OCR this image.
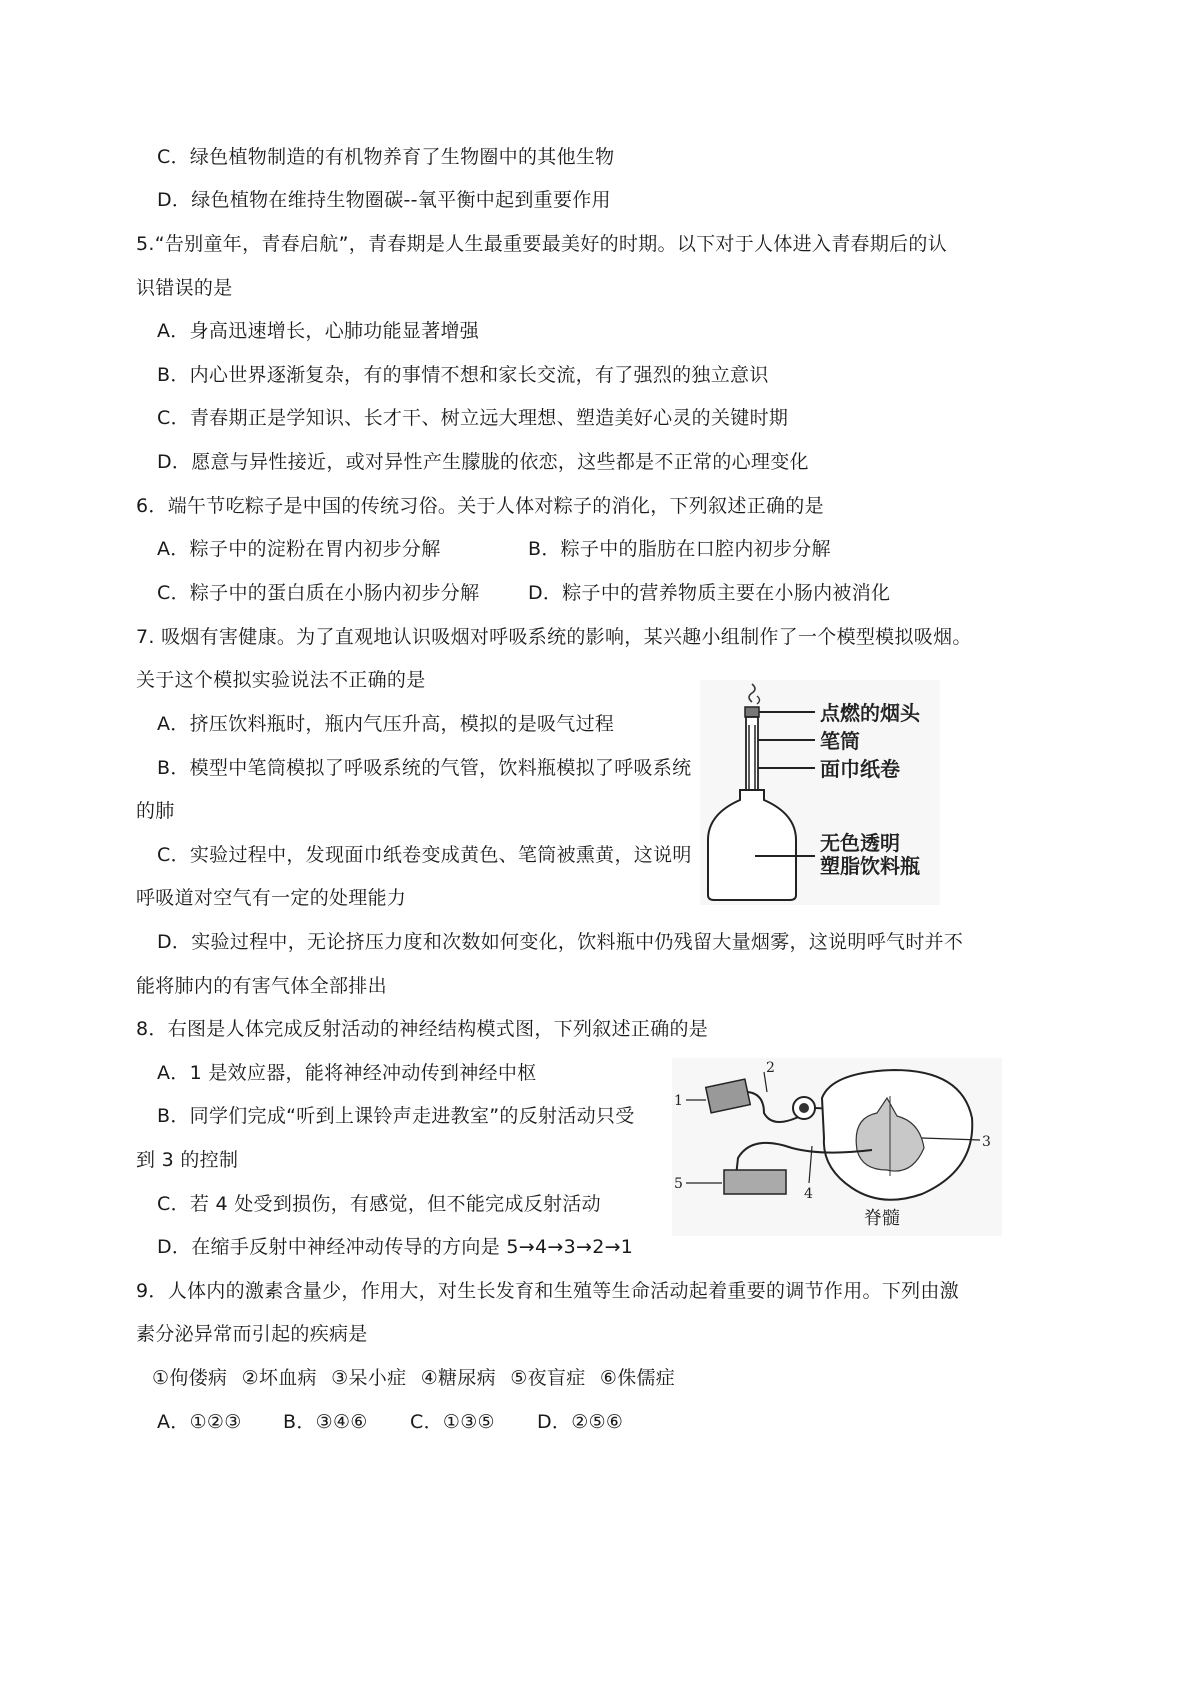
C．绿色植物制造的有机物养育了生物圈中的其他生物
D．绿色植物在维持生物圈碳--氧平衡中起到重要作用
5.“告别童年，青春启航”，青春期是人生最重要最美好的时期。以下对于人体进入青春期后的认
识错误的是
A．身高迅速增长，心肺功能显著增强
B．内心世界逐渐复杂，有的事情不想和家长交流，有了强烈的独立意识
C．青春期正是学知识、长才干、树立远大理想、塑造美好心灵的关键时期
D．愿意与异性接近，或对异性产生朦胧的依恋，这些都是不正常的心理变化
6．端午节吃粽子是中国的传统习俗。关于人体对粽子的消化，下列叙述正确的是
A．粽子中的淀粉在胃内初步分解	B．粽子中的脂肪在口腔内初步分解
C．粽子中的蛋白质在小肠内初步分解	D．粽子中的营养物质主要在小肠内被消化
7. 吸烟有害健康。为了直观地认识吸烟对呼吸系统的影响，某兴趣小组制作了一个模型模拟吸烟。
关于这个模拟实验说法不正确的是
A．挤压饮料瓶时，瓶内气压升高，模拟的是吸气过程
B．模型中笔筒模拟了呼吸系统的气管，饮料瓶模拟了呼吸系统
的肺
C．实验过程中，发现面巾纸卷变成黄色、笔筒被熏黄，这说明
呼吸道对空气有一定的处理能力
D．实验过程中，无论挤压力度和次数如何变化，饮料瓶中仍残留大量烟雾，这说明呼气时并不
能将肺内的有害气体全部排出
点燃的烟头
笔筒
面巾纸卷
无色透明
塑脂饮料瓶
8．右图是人体完成反射活动的神经结构模式图，下列叙述正确的是
A．1 是效应器，能将神经冲动传到神经中枢
B．同学们完成“听到上课铃声走进教室”的反射活动只受
到 3 的控制
C．若 4 处受到损伤，有感觉，但不能完成反射活动
D．在缩手反射中神经冲动传导的方向是 5→4→3→2→1
1
2
3
4
5
脊髓
9．人体内的激素含量少，作用大，对生长发育和生殖等生命活动起着重要的调节作用。下列由激
素分泌异常而引起的疾病是
①佝偻病 ②坏血病 ③呆小症 ④糖尿病 ⑤夜盲症 ⑥侏儒症
A．①②③ B．③④⑥ C．①③⑤ D．②⑤⑥
